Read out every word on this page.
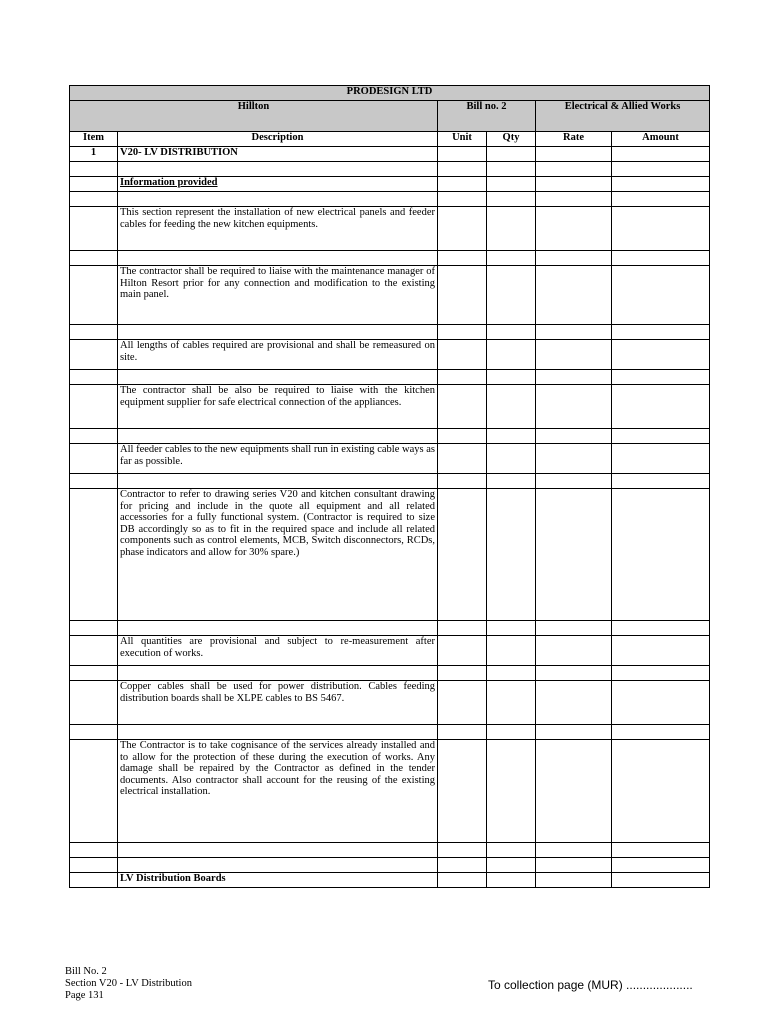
PRODESIGN LTD					
Hillton		Bill no. 2		Electrical & Allied Works	
Item	Description	Unit	Qty	Rate	Amount
1	V20- LV DISTRIBUTION				

	Information provided				

	This section represent the installation of new electrical panels and feeder cables for feeding the new kitchen equipments.				

	The contractor shall be required to liaise with the maintenance manager of Hilton Resort prior for any connection and modification to the existing main panel.				

	All lengths of cables required are provisional and shall be remeasured on site.				

	The contractor shall be also be required to liaise with the kitchen equipment supplier for safe electrical connection of the appliances.				

	All feeder cables to the new equipments shall run in existing cable ways as far as possible.				

	Contractor to refer to drawing series V20 and kitchen consultant drawing for pricing and include in the quote all equipment and all related accessories for a fully functional system. (Contractor is required to size DB accordingly so as to fit in the required space and include all related components such as control elements, MCB, Switch disconnectors, RCDs, phase indicators and allow for 30% spare.)				

	All quantities are provisional and subject to re-measurement after execution of works.				

	Copper cables shall be used for power distribution. Cables feeding distribution boards shall be XLPE cables to BS 5467.				

	The Contractor is to take cognisance of the services already installed and to allow for the protection of these during the execution of works. Any damage shall be repaired by the Contractor as defined in the tender documents. Also contractor shall account for the reusing of the existing electrical installation.				

	LV Distribution Boards				
Bill No. 2
Section V20 - LV Distribution
Page 131
To collection page (MUR) ....................
